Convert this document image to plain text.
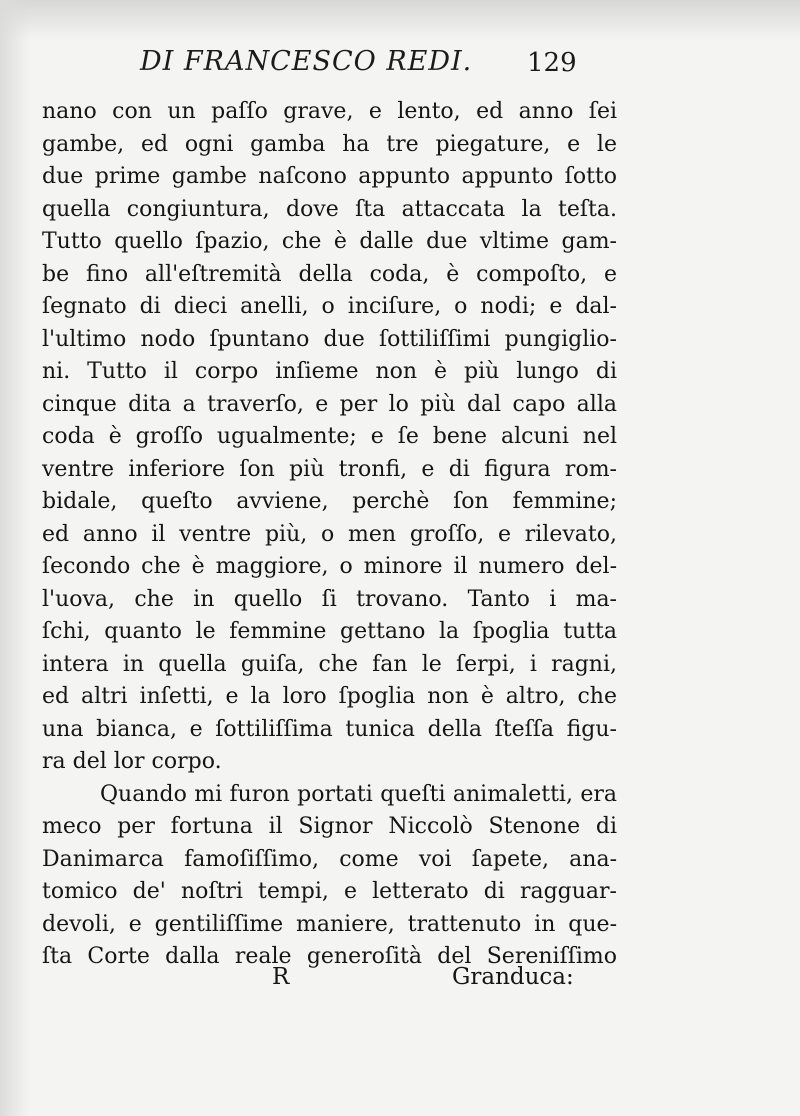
DI FRANCESCO REDI. 129
nano con un paſſo grave, e lento, ed anno ſei
gambe, ed ogni gamba ha tre piegature, e le
due prime gambe naſcono appunto appunto ſotto
quella congiuntura, dove ſta attaccata la teſta.
Tutto quello ſpazio, che è dalle due vltime gam-
be fino all'eſtremità della coda, è compoſto, e
ſegnato di dieci anelli, o inciſure, o nodi; e dal-
l'ultimo nodo ſpuntano due ſottiliſſimi pungiglio-
ni. Tutto il corpo inſieme non è più lungo di
cinque dita a traverſo, e per lo più dal capo alla
coda è groſſo ugualmente; e ſe bene alcuni nel
ventre inferiore ſon più tronfi, e di figura rom-
bidale, queſto avviene, perchè ſon femmine;
ed anno il ventre più, o men groſſo, e rilevato,
ſecondo che è maggiore, o minore il numero del-
l'uova, che in quello ſi trovano. Tanto i ma-
ſchi, quanto le femmine gettano la ſpoglia tutta
intera in quella guiſa, che fan le ſerpi, i ragni,
ed altri inſetti, e la loro ſpoglia non è altro, che
una bianca, e ſottiliſſima tunica della ſteſſa figu-
ra del lor corpo.
Quando mi furon portati queſti animaletti, era
meco per fortuna il Signor Niccolò Stenone di
Danimarca famoſiſſimo, come voi ſapete, ana-
tomico de' noſtri tempi, e letterato di ragguar-
devoli, e gentiliſſime maniere, trattenuto in que-
ſta Corte dalla reale generoſità del Sereniſſimo
R	Granduca:
